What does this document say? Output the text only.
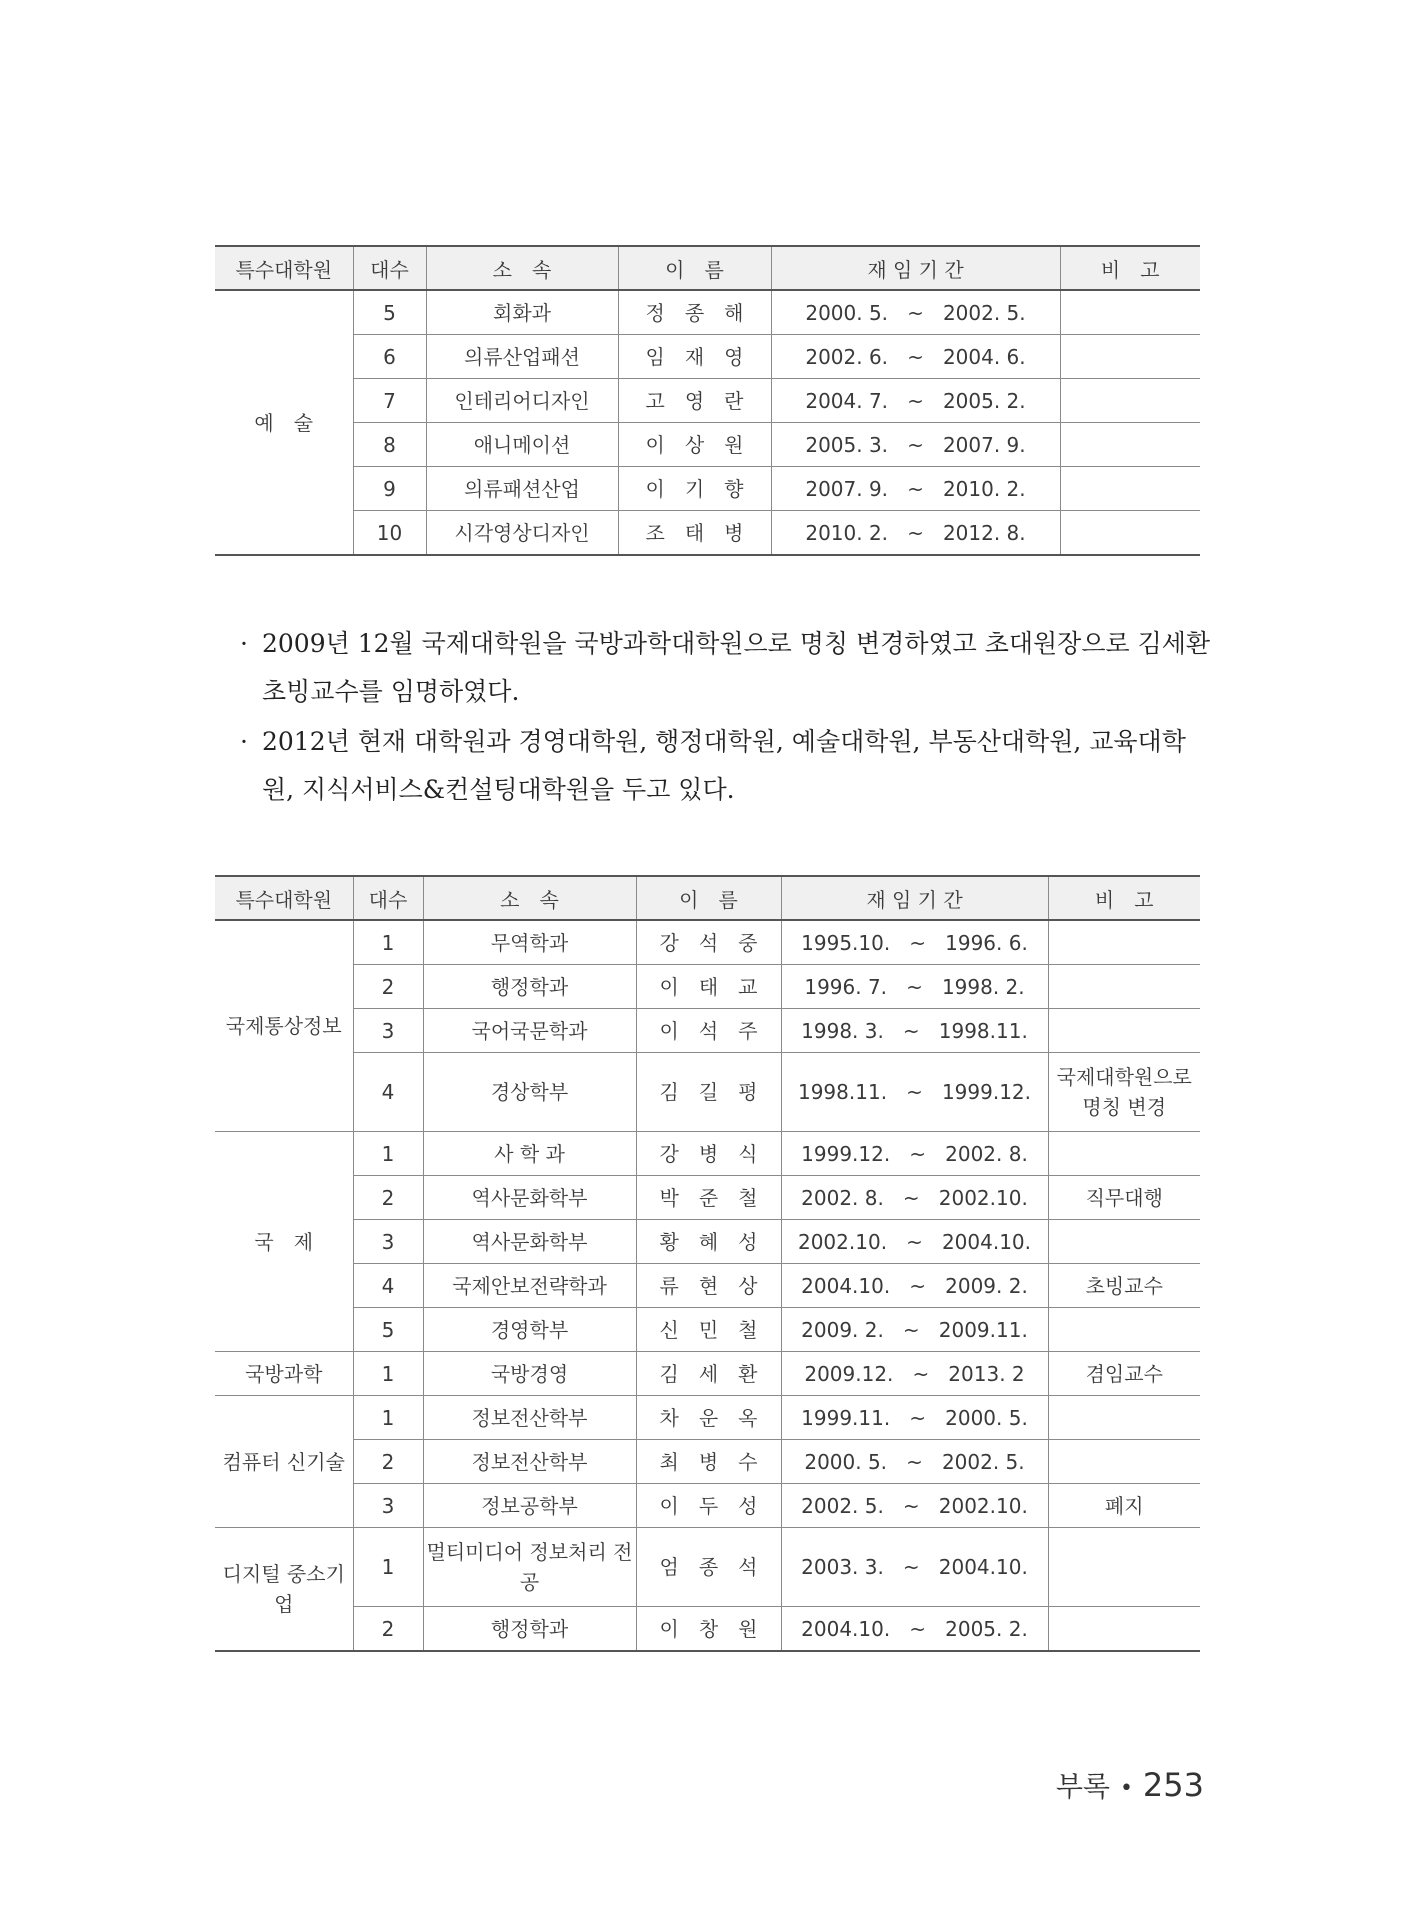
특수대학원	대수	소　속	이　름	재 임 기 간	비　고
예　술	5	회화과	정　종　해	2000. 5.   ~   2002. 5.	
	6	의류산업패션	임　재　영	2002. 6.   ~   2004. 6.	
	7	인테리어디자인	고　영　란	2004. 7.   ~   2005. 2.	
	8	애니메이션	이　상　원	2005. 3.   ~   2007. 9.	
	9	의류패션산업	이　기　향	2007. 9.   ~   2010. 2.	
	10	시각영상디자인	조　태　병	2010. 2.   ~   2012. 8.	
· 2009년 12월 국제대학원을 국방과학대학원으로 명칭 변경하였고 초대원장으로 김세환 초빙교수를 임명하였다.
· 2012년 현재 대학원과 경영대학원, 행정대학원, 예술대학원, 부동산대학원, 교육대학원, 지식서비스&컨설팅대학원을 두고 있다.
특수대학원	대수	소　속	이　름	재 임 기 간	비　고
국제통상정보	1	무역학과	강　석　중	1995.10.   ~   1996. 6.	
	2	행정학과	이　태　교	1996. 7.   ~   1998. 2.	
	3	국어국문학과	이　석　주	1998. 3.   ~   1998.11.	
	4	경상학부	김　길　평	1998.11.   ~   1999.12.	국제대학원으로 명칭 변경
국　제	1	사 학 과	강　병　식	1999.12.   ~   2002. 8.	
	2	역사문화학부	박　준　철	2002. 8.   ~   2002.10.	직무대행
	3	역사문화학부	황　혜　성	2002.10.   ~   2004.10.	
	4	국제안보전략학과	류　현　상	2004.10.   ~   2009. 2.	초빙교수
	5	경영학부	신　민　철	2009. 2.   ~   2009.11.	
국방과학	1	국방경영	김　세　환	2009.12.   ~   2013. 2	겸임교수
컴퓨터 신기술	1	정보전산학부	차　운　옥	1999.11.   ~   2000. 5.	
	2	정보전산학부	최　병　수	2000. 5.   ~   2002. 5.	
	3	정보공학부	이　두　성	2002. 5.   ~   2002.10.	폐지
디지털 중소기업	1	멀티미디어 정보처리 전공	엄　종　석	2003. 3.   ~   2004.10.	
	2	행정학과	이　창　원	2004.10.   ~   2005. 2.	
부록 • 253
